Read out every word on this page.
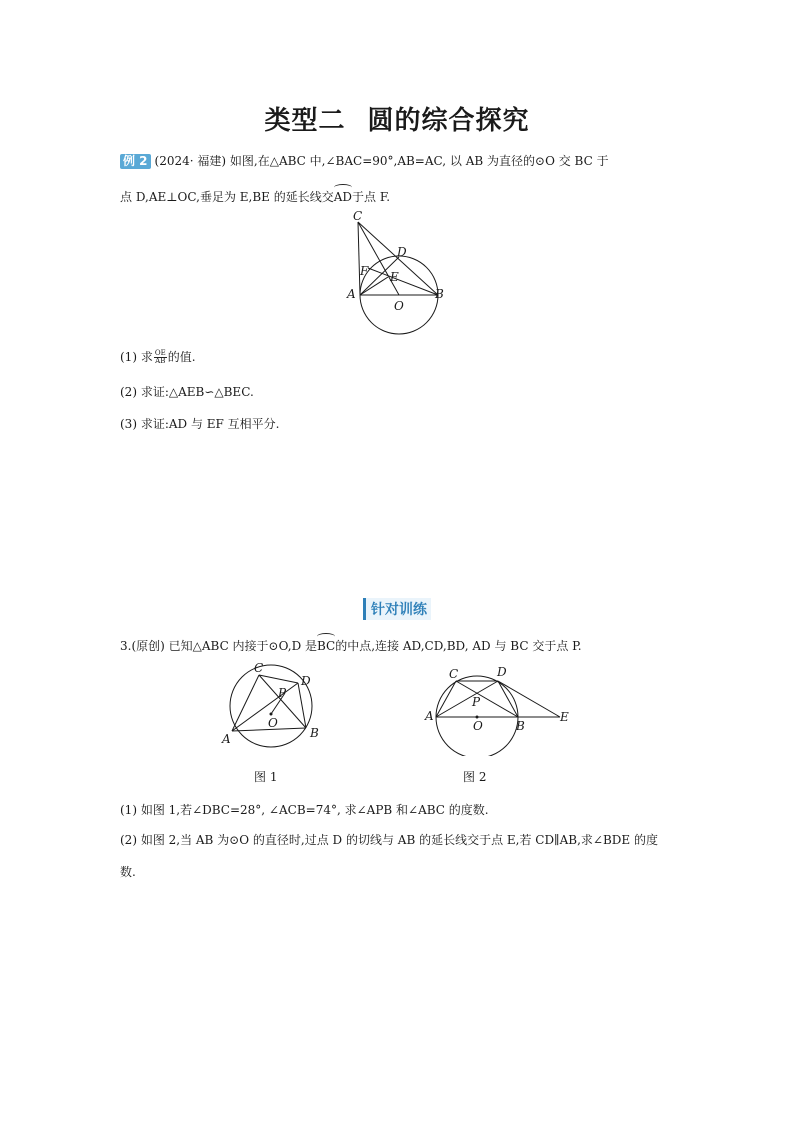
类型二 圆的综合探究
例 2 (2024· 福建) 如图,在△ABC 中,∠BAC=90°,AB=AC, 以 AB 为直径的⊙O 交 BC 于
点 D,AE⊥OC,垂足为 E,BE 的延长线交AD于点 F.
C
D
F E
A
O
B
(1) 求 $\frac{OE}{AB}$ 的值.
(2) 求证:△AEB∽△BEC.
(3) 求证:AD 与 EF 互相平分.
针对训练
3.(原创) 已知△ABC 内接于⊙O,D 是BC的中点,连接 AD,CD,BD, AD 与 BC 交于点 P.
C
P
D
O
A	B
图 1
C	D
P
A
O	B
E
图 2
(1) 如图 1,若∠DBC=28°, ∠ACB=74°, 求∠APB 和∠ABC 的度数.
(2) 如图 2,当 AB 为⊙O 的直径时,过点 D 的切线与 AB 的延长线交于点 E,若 CD∥AB,求∠BDE 的度
数.
